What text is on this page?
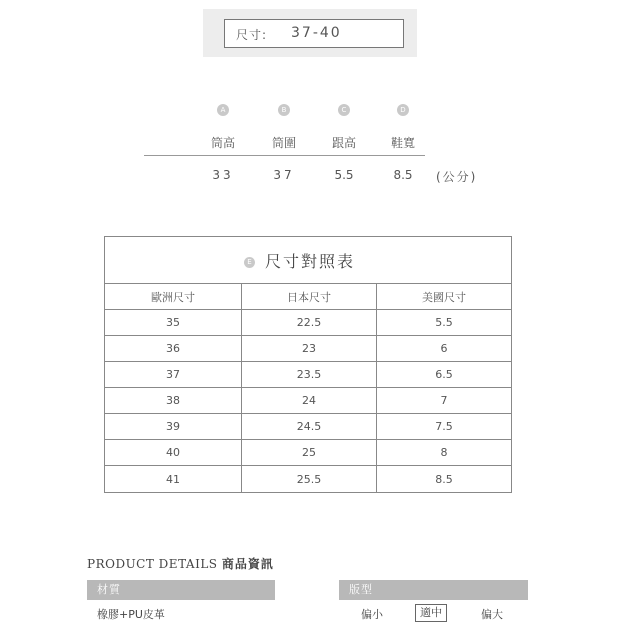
尺寸: 37-40
A	B	C	D
筒高	筒圍	跟高	鞋寬
33	37	5.5	8.5	(公分)
E 尺寸對照表
歐洲尺寸	日本尺寸	美國尺寸
35	22.5	5.5
36	23	6
37	23.5	6.5
38	24	7
39	24.5	7.5
40	25	8
41	25.5	8.5
PRODUCT DETAILS 商品資訊
材質	版型
橡膠+PU皮革	偏小	適中	偏大
